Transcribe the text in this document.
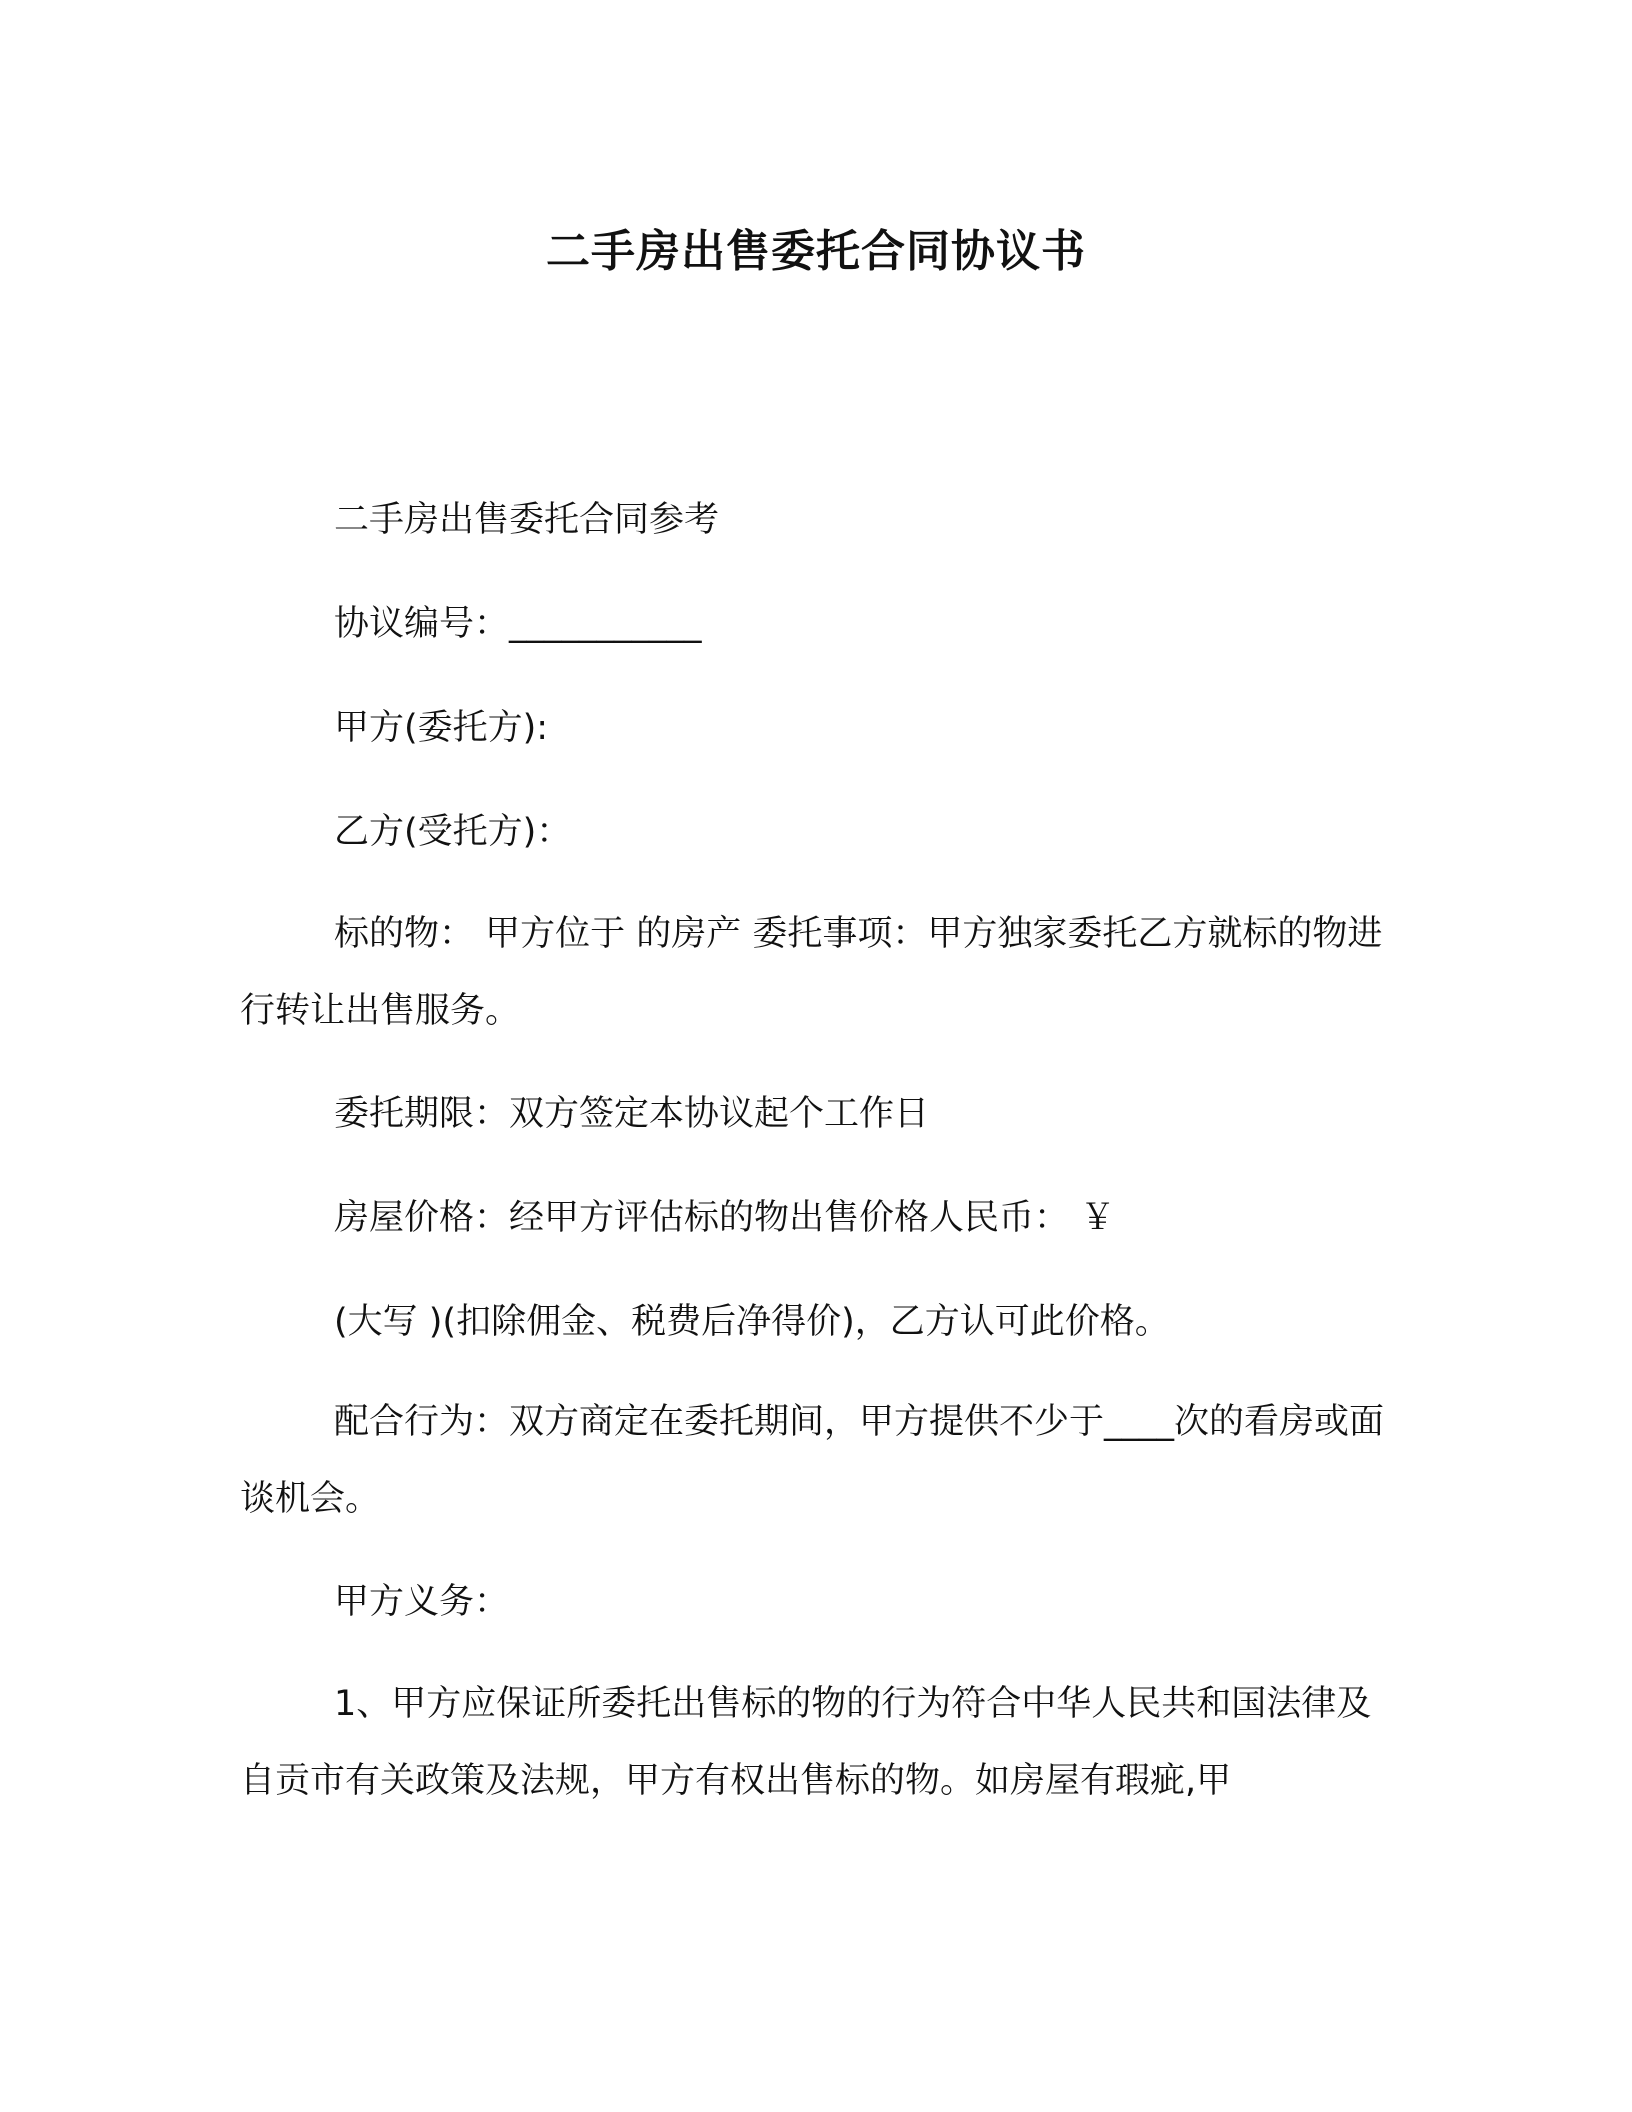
二手房出售委托合同协议书
二手房出售委托合同参考
协议编号：___________
甲方(委托方):
乙方(受托方)：
标的物： 甲方位于 的房产 委托事项：甲方独家委托乙方就标的物进行转让出售服务。
委托期限：双方签定本协议起个工作日
房屋价格：经甲方评估标的物出售价格人民币： ￥
(大写 )(扣除佣金、税费后净得价)，乙方认可此价格。
配合行为：双方商定在委托期间，甲方提供不少于____次的看房或面谈机会。
甲方义务：
1、甲方应保证所委托出售标的物的行为符合中华人民共和国法律及自贡市有关政策及法规，甲方有权出售标的物。如房屋有瑕疵,甲
